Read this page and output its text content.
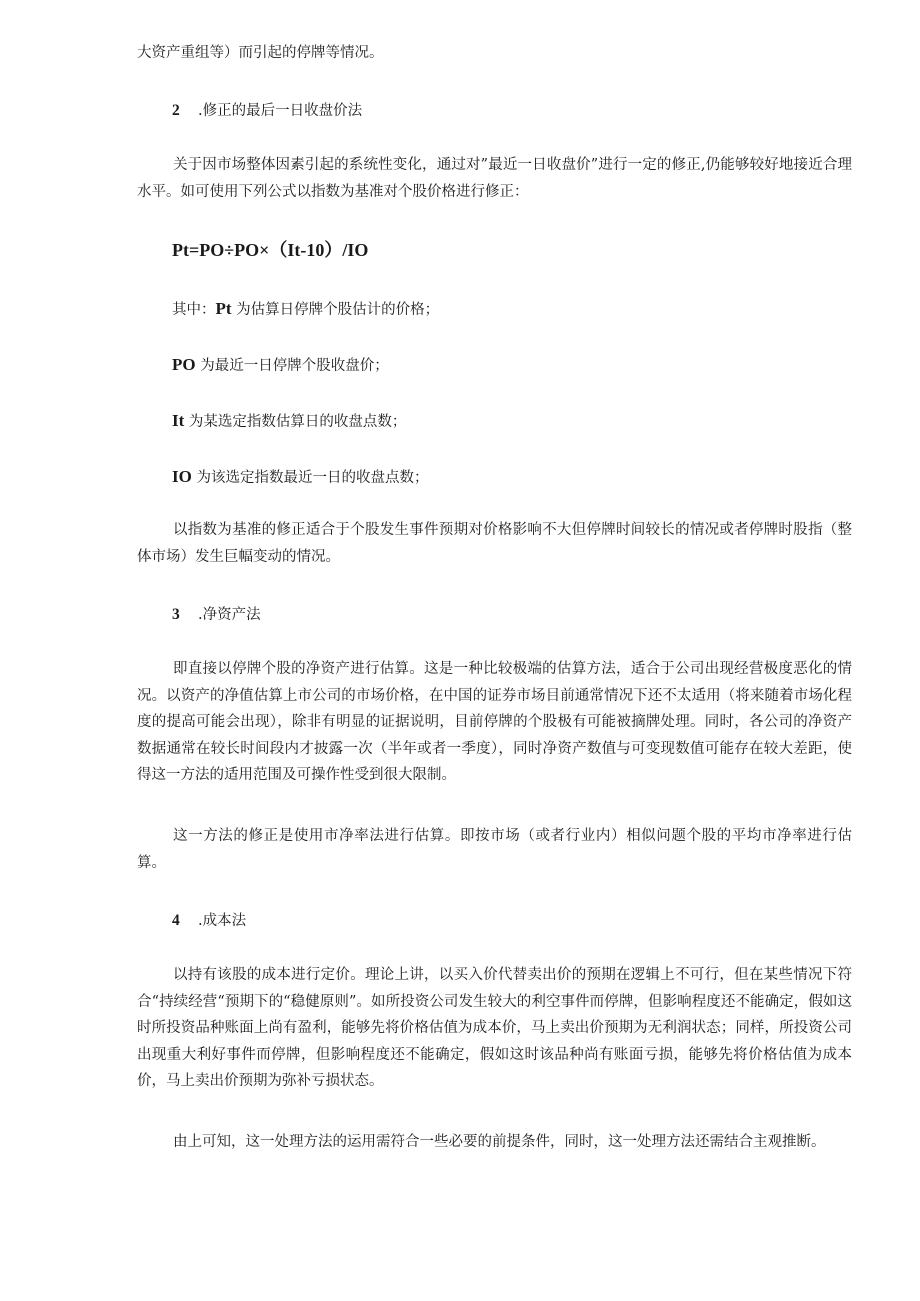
大资产重组等）而引起的停牌等情况。
2 .修正的最后一日收盘价法
关于因市场整体因素引起的系统性变化，通过对”最近一日收盘价”进行一定的修正,仍能够较好地接近合理水平。如可使用下列公式以指数为基准对个股价格进行修正：
Pt=PO÷PO×（It-10）/IO
其中：Pt 为估算日停牌个股估计的价格；
PO 为最近一日停牌个股收盘价；
It 为某选定指数估算日的收盘点数；
IO 为该选定指数最近一日的收盘点数；
以指数为基准的修正适合于个股发生事件预期对价格影响不大但停牌时间较长的情况或者停牌时股指（整体市场）发生巨幅变动的情况。
3 .净资产法
即直接以停牌个股的净资产进行估算。这是一种比较极端的估算方法，适合于公司出现经营极度恶化的情况。以资产的净值估算上市公司的市场价格，在中国的证券市场目前通常情况下还不太适用（将来随着市场化程度的提高可能会出现），除非有明显的证据说明，目前停牌的个股极有可能被摘牌处理。同时，各公司的净资产数据通常在较长时间段内才披露一次（半年或者一季度），同时净资产数值与可变现数值可能存在较大差距，使得这一方法的适用范围及可操作性受到很大限制。
这一方法的修正是使用市净率法进行估算。即按市场（或者行业内）相似问题个股的平均市净率进行估算。
4 .成本法
以持有该股的成本进行定价。理论上讲，以买入价代替卖出价的预期在逻辑上不可行，但在某些情况下符合“持续经营“预期下的“稳健原则”。如所投资公司发生较大的利空事件而停牌，但影响程度还不能确定，假如这时所投资品种账面上尚有盈利，能够先将价格估值为成本价，马上卖出价预期为无利润状态；同样，所投资公司出现重大利好事件而停牌，但影响程度还不能确定，假如这时该品种尚有账面亏损，能够先将价格估值为成本价，马上卖出价预期为弥补亏损状态。
由上可知，这一处理方法的运用需符合一些必要的前提条件，同时，这一处理方法还需结合主观推断。
